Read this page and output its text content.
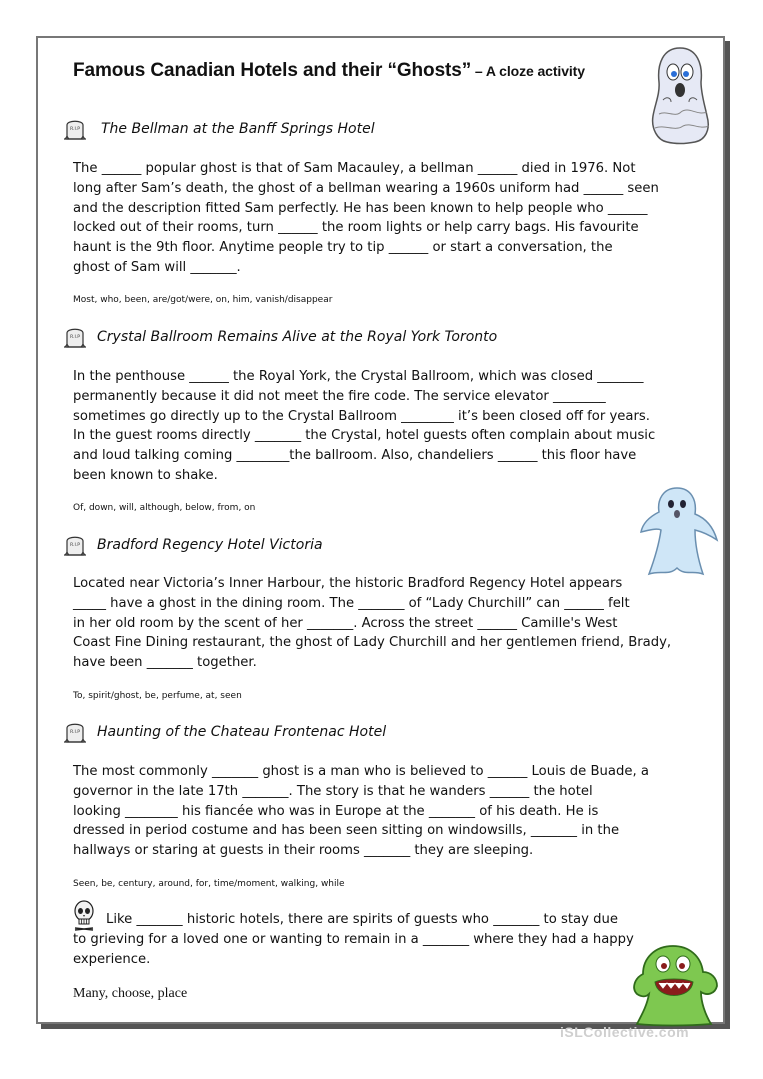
Famous Canadian Hotels and their “Ghosts” – A cloze activity
R.I.P The Bellman at the Banff Springs Hotel
The ______ popular ghost is that of Sam Macauley, a bellman ______ died in 1976. Not
long after Sam’s death, the ghost of a bellman wearing a 1960s uniform had ______ seen
and the description fitted Sam perfectly. He has been known to help people who ______
locked out of their rooms, turn ______ the room lights or help carry bags. His favourite
haunt is the 9th floor. Anytime people try to tip ______ or start a conversation, the
ghost of Sam will _______.
Most, who, been, are/got/were, on, him, vanish/disappear
R.I.P Crystal Ballroom Remains Alive at the Royal York Toronto
In the penthouse ______ the Royal York, the Crystal Ballroom, which was closed _______
permanently because it did not meet the fire code. The service elevator ________
sometimes go directly up to the Crystal Ballroom ________ it’s been closed off for years.
In the guest rooms directly _______ the Crystal, hotel guests often complain about music
and loud talking coming ________the ballroom. Also, chandeliers ______ this floor have
been known to shake.
Of, down, will, although, below, from, on
R.I.P Bradford Regency Hotel Victoria
Located near Victoria’s Inner Harbour, the historic Bradford Regency Hotel appears
_____ have a ghost in the dining room. The _______ of “Lady Churchill” can ______ felt
in her old room by the scent of her _______. Across the street ______ Camille's West
Coast Fine Dining restaurant, the ghost of Lady Churchill and her gentlemen friend, Brady,
have been _______ together.
To, spirit/ghost, be, perfume, at, seen
R.I.P Haunting of the Chateau Frontenac Hotel
The most commonly _______ ghost is a man who is believed to ______ Louis de Buade, a
governor in the late 17th _______. The story is that he wanders ______ the hotel
looking ________ his fiancée who was in Europe at the _______ of his death. He is
dressed in period costume and has been seen sitting on windowsills, _______ in the
hallways or staring at guests in their rooms _______ they are sleeping.
Seen, be, century, around, for, time/moment, walking, while
Like _______ historic hotels, there are spirits of guests who _______ to stay due
to grieving for a loved one or wanting to remain in a _______ where they had a happy
experience.
Many, choose, place
iSLCollective.com
